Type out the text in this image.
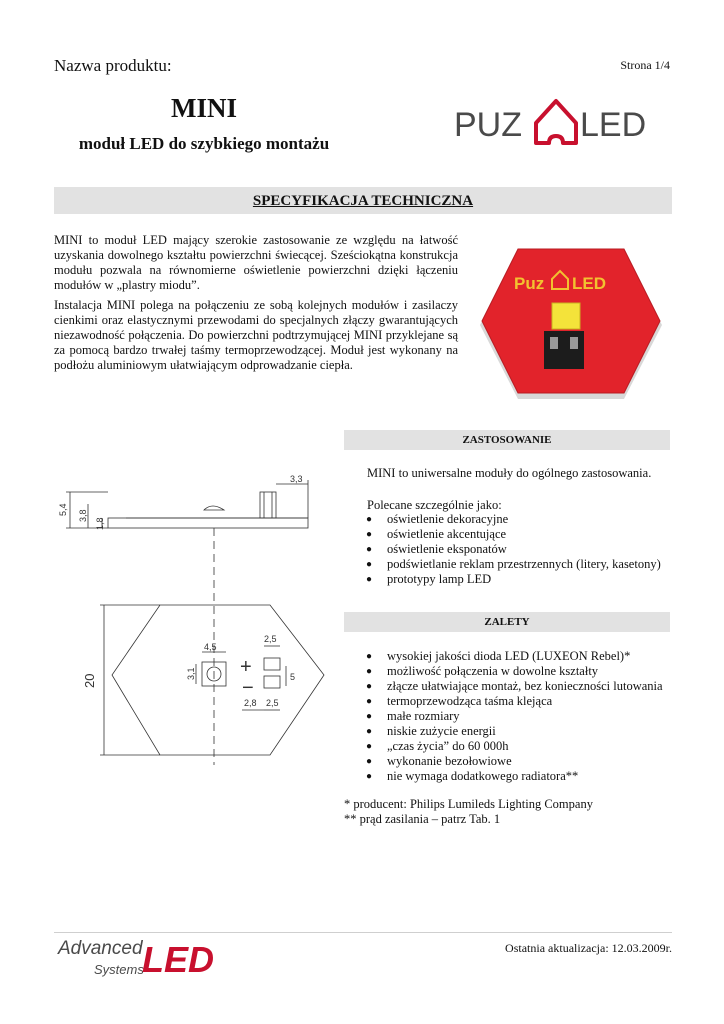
Nazwa produktu:	Strona 1/4
MINI
moduł LED do szybkiego montażu	PUZ LED
SPECYFIKACJA TECHNICZNA

MINI to moduł LED mający szerokie zastosowanie ze względu na łatwość uzyskania dowolnego kształtu powierzchni świecącej. Sześciokątna konstrukcja modułu pozwala na równomierne oświetlenie powierzchni dzięki łączeniu modułów w „plastry miodu”.

Instalacja MINI polega na połączeniu ze sobą kolejnych modułów i zasilaczy cienkimi oraz elastycznymi przewodami do specjalnych złączy gwarantujących niezawodność połączenia. Do powierzchni podtrzymującej MINI przyklejane są za pomocą bardzo trwałej taśmy termoprzewodzącej. Moduł jest wykonany na podłożu aluminiowym ułatwiającym odprowadzanie ciepła.

Puz LED
3,3
5,4 3,8
1,8
20
4,5
3,1 +
−
2,5
5
2,8 2,5
ZASTOSOWANIE
MINI to uniwersalne moduły do ogólnego zastosowania.
Polecane szczególnie jako:
● oświetlenie dekoracyjne
● oświetlenie akcentujące
● oświetlenie eksponatów
● podświetlanie reklam przestrzennych (litery, kasetony)
● prototypy lamp LED
ZALETY
● wysokiej jakości dioda LED (LUXEON Rebel)*
● możliwość połączenia w dowolne kształty
● złącze ułatwiające montaż, bez konieczności lutowania
● termoprzewodząca taśma klejąca
● małe rozmiary
● niskie zużycie energii
● „czas życia” do 60 000h
● wykonanie bezołowiowe
● nie wymaga dodatkowego radiatora**
* producent: Philips Lumileds Lighting Company
** prąd zasilania – patrz Tab. 1
Advanced
Systems
LED	Ostatnia aktualizacja: 12.03.2009r.
